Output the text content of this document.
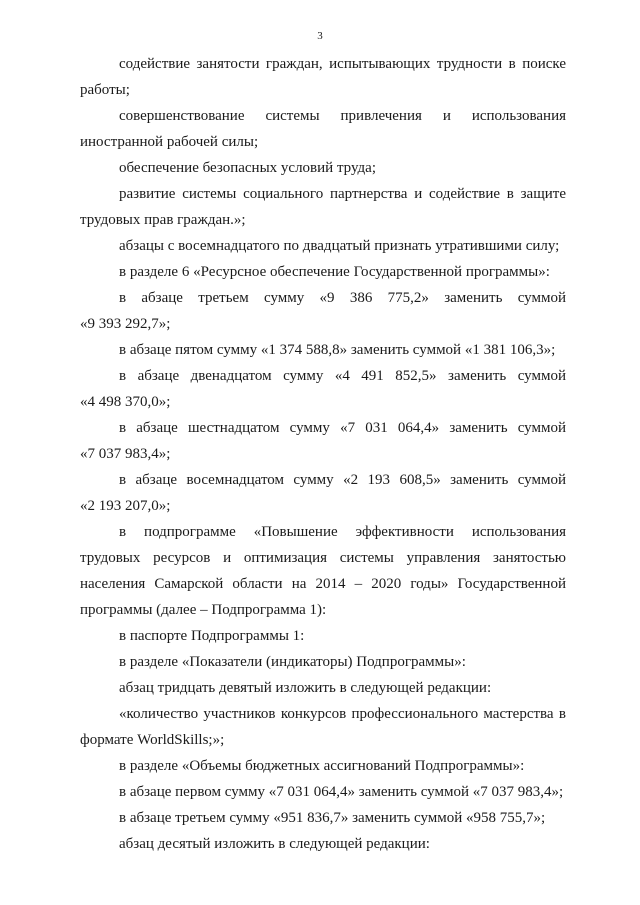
3
содействие занятости граждан, испытывающих трудности в поиске
работы;
совершенствование системы привлечения и использования
иностранной рабочей силы;
обеспечение безопасных условий труда;
развитие системы социального партнерства и содействие в защите
трудовых прав граждан.»;
абзацы с восемнадцатого по двадцатый признать утратившими силу;
в разделе 6 «Ресурсное обеспечение Государственной программы»:
в абзаце третьем сумму «9 386 775,2» заменить суммой
«9 393 292,7»;
в абзаце пятом сумму «1 374 588,8» заменить суммой «1 381 106,3»;
в абзаце двенадцатом сумму «4 491 852,5» заменить суммой
«4 498 370,0»;
в абзаце шестнадцатом сумму «7 031 064,4» заменить суммой
«7 037 983,4»;
в абзаце восемнадцатом сумму «2 193 608,5» заменить суммой
«2 193 207,0»;
в подпрограмме «Повышение эффективности использования
трудовых ресурсов и оптимизация системы управления занятостью
населения Самарской области на 2014 – 2020 годы» Государственной
программы (далее – Подпрограмма 1):
в паспорте Подпрограммы 1:
в разделе «Показатели (индикаторы) Подпрограммы»:
абзац тридцать девятый изложить в следующей редакции:
«количество участников конкурсов профессионального мастерства в
формате WorldSkills;»;
в разделе «Объемы бюджетных ассигнований Подпрограммы»:
в абзаце первом сумму «7 031 064,4» заменить суммой «7 037 983,4»;
в абзаце третьем сумму «951 836,7» заменить суммой «958 755,7»;
абзац десятый изложить в следующей редакции:
